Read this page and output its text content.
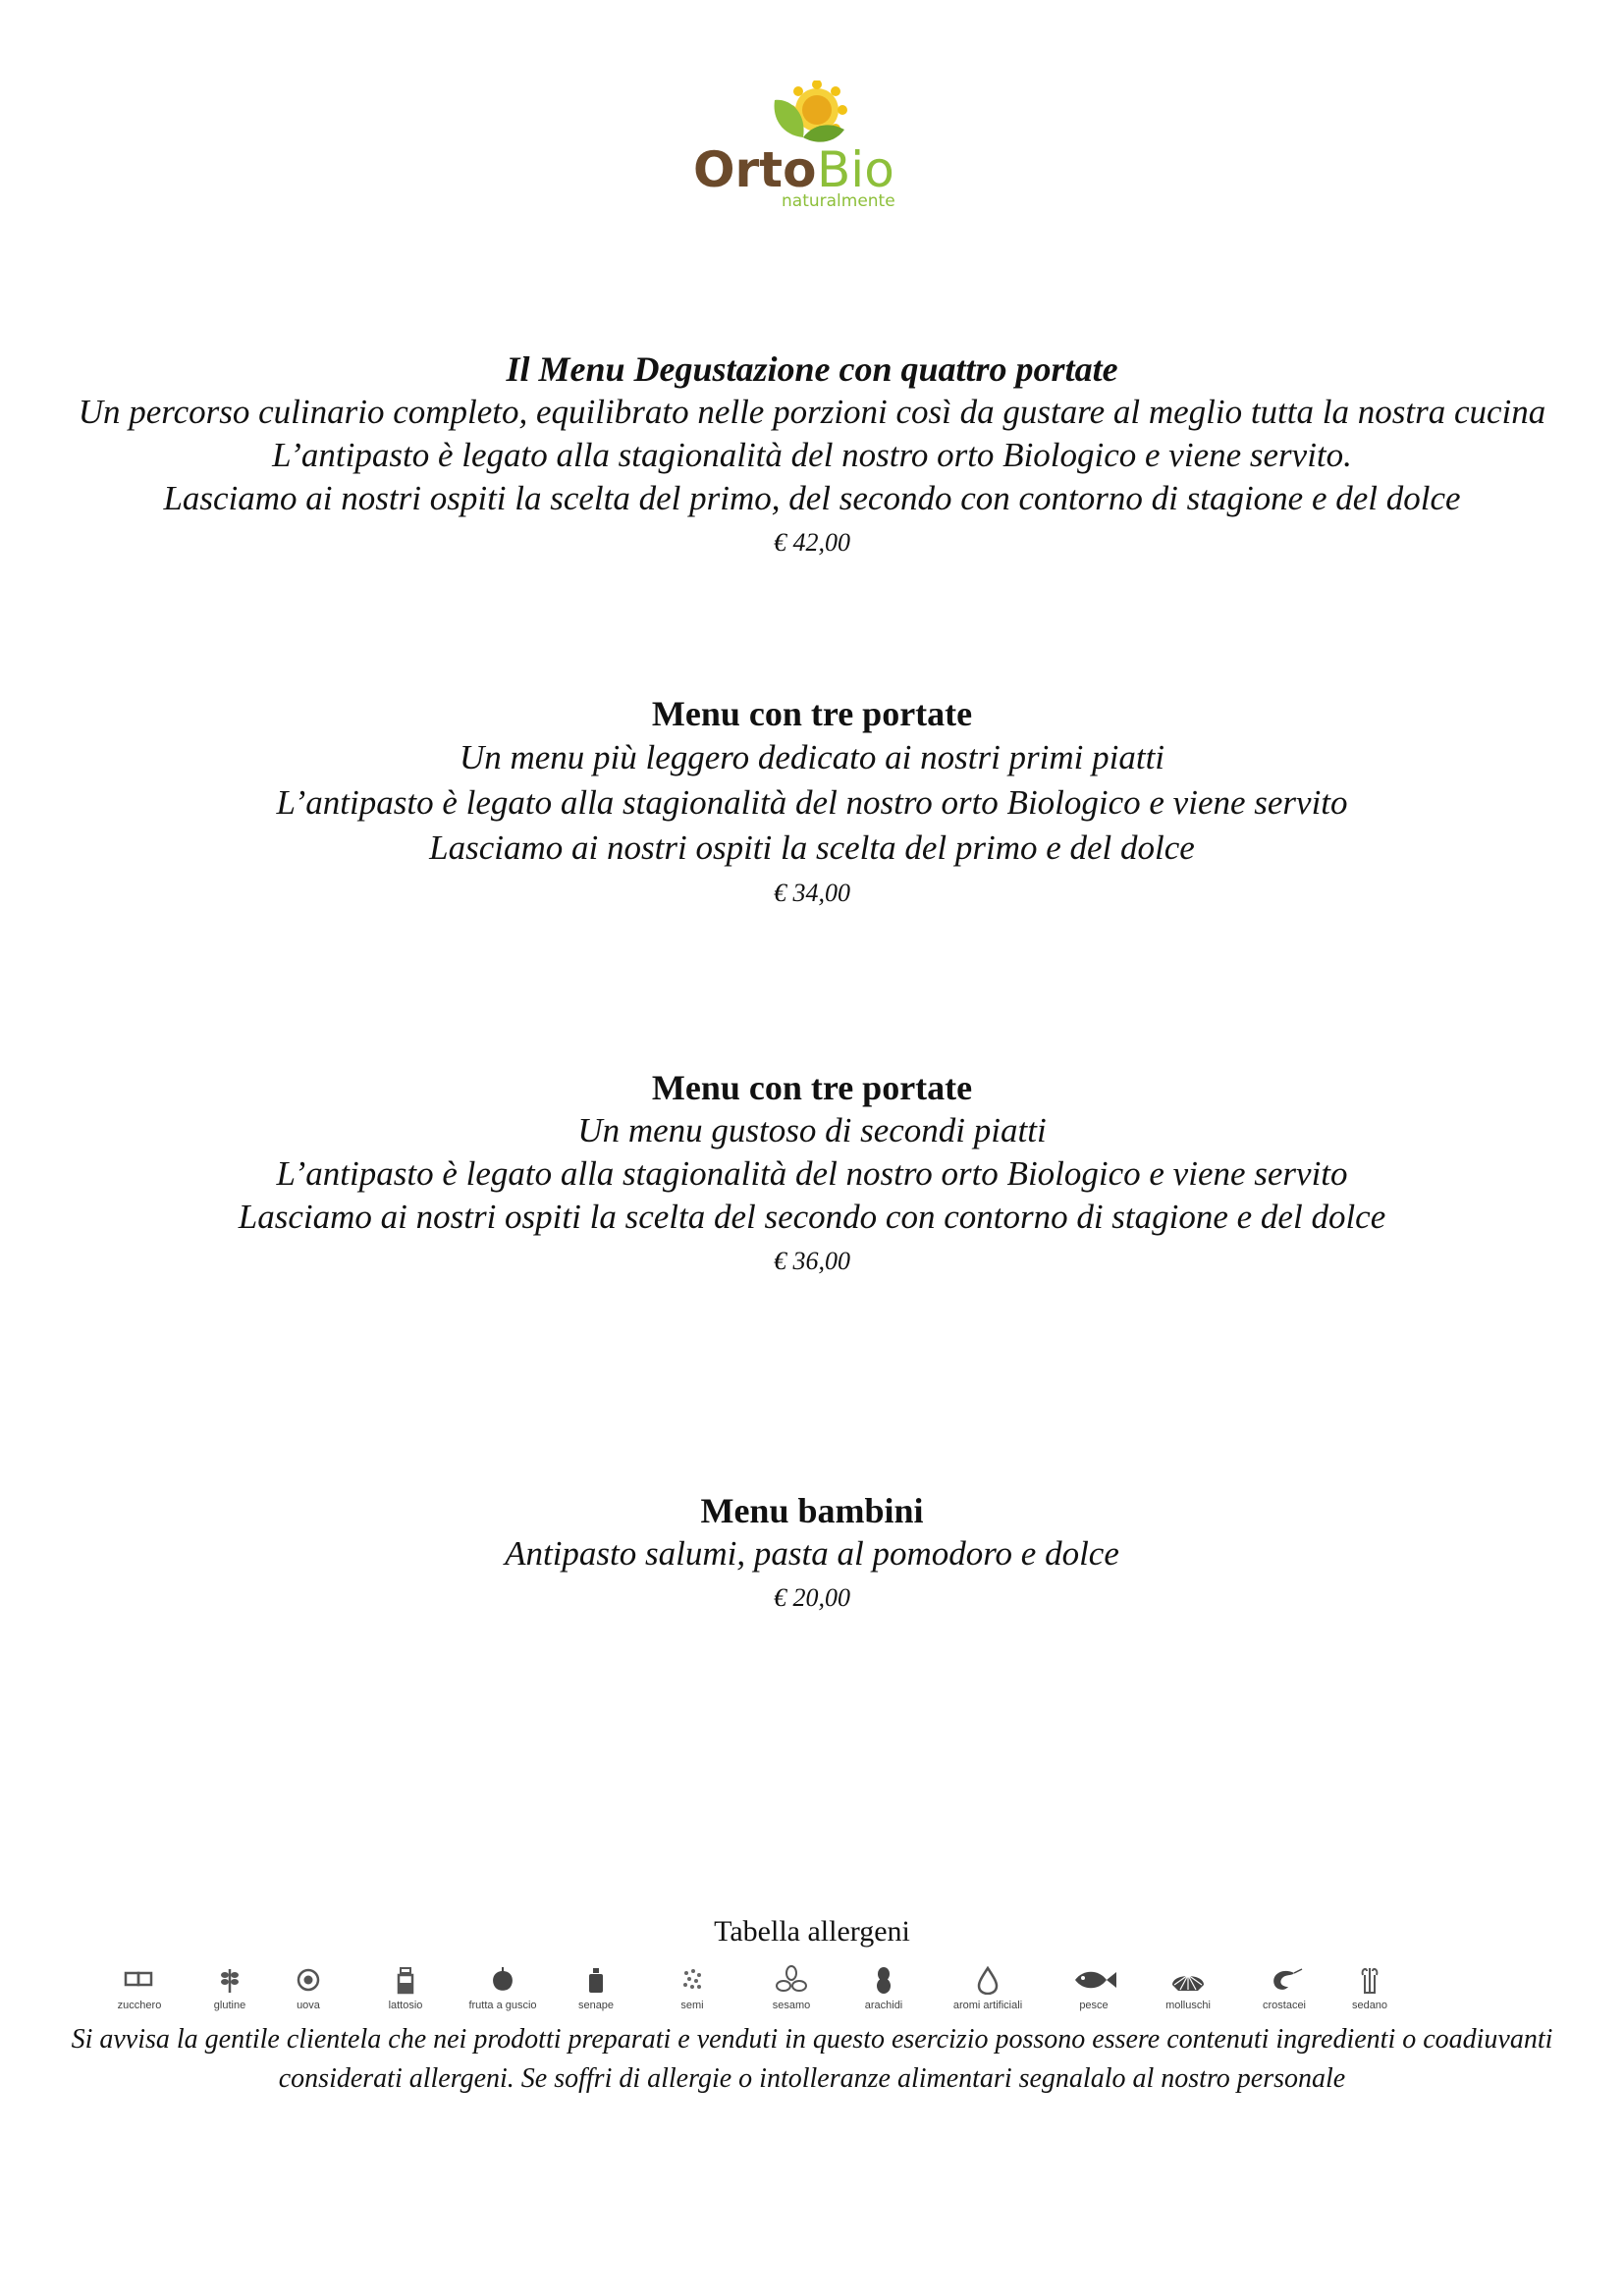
Orto Bio
naturalmente

Il Menu Degustazione con quattro portate

Un percorso culinario completo, equilibrato nelle porzioni così da gustare al meglio tutta la nostra cucina

L’antipasto è legato alla stagionalità del nostro orto Biologico e viene servito.

Lasciamo ai nostri ospiti la scelta del primo, del secondo con contorno di stagione e del dolce

€ 42,00

Menu con tre portate

Un menu più leggero dedicato ai nostri primi piatti

L’antipasto è legato alla stagionalità del nostro orto Biologico e viene servito

Lasciamo ai nostri ospiti la scelta del primo e del dolce

€ 34,00

Menu con tre portate

Un menu gustoso di secondi piatti

L’antipasto è legato alla stagionalità del nostro orto Biologico e viene servito

Lasciamo ai nostri ospiti la scelta del secondo con contorno di stagione e del dolce

€ 36,00

Menu bambini

Antipasto salumi, pasta al pomodoro e dolce

€ 20,00

Tabella allergeni
zucchero	glutine	uova	lattosio	frutta a guscio	senape	semi	sesamo	arachidi	aromi artificiali	pesce	molluschi	crostacei	sedano

Si avvisa la gentile clientela che nei prodotti preparati e venduti in questo esercizio possono essere contenuti ingredienti o coadiuvanti

considerati allergeni. Se soffri di allergie o intolleranze alimentari segnalalo al nostro personale
